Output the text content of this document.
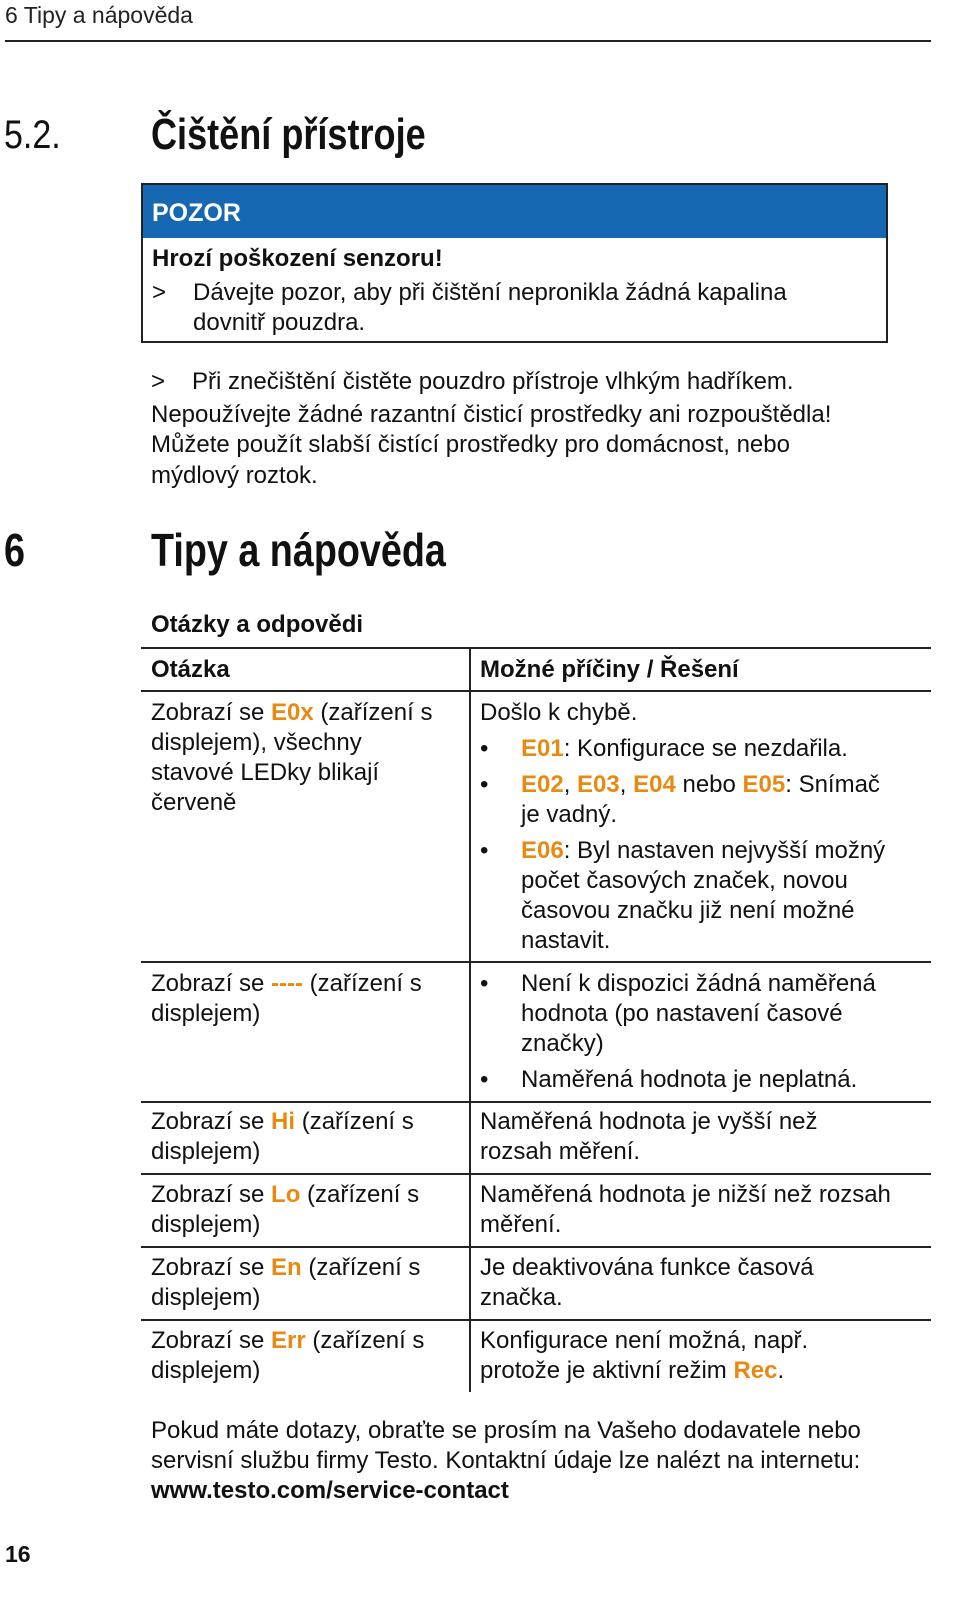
6 Tipy a nápověda
5.2. Čištění přístroje
POZOR
Hrozí poškození senzoru!
> Dávejte pozor, aby při čištění nepronikla žádná kapalina
dovnitř pouzdra.
> Při znečištění čistěte pouzdro přístroje vlhkým hadříkem.
Nepoužívejte žádné razantní čisticí prostředky ani rozpouštědla!
Můžete použít slabší čistící prostředky pro domácnost, nebo
mýdlový roztok.
6	Tipy a nápověda
Otázky a odpovědi
Otázka	Možné příčiny / Řešení
Zobrazí se E0x (zařízení s
displejem), všechny
stavové LEDky blikají
červeně
Došlo k chybě.
• E01: Konfigurace se nezdařila.
• E02, E03, E04 nebo E05: Snímač
je vadný.
• E06: Byl nastaven nejvyšší možný
počet časových značek, novou
časovou značku již není možné
nastavit.
Zobrazí se ---- (zařízení s
displejem)
• Není k dispozici žádná naměřená
hodnota (po nastavení časové
značky)
• Naměřená hodnota je neplatná.
Zobrazí se Hi (zařízení s
displejem)
Naměřená hodnota je vyšší než
rozsah měření.
Zobrazí se Lo (zařízení s
displejem)
Naměřená hodnota je nižší než rozsah
měření.
Zobrazí se En (zařízení s
displejem)
Je deaktivována funkce časová
značka.
Zobrazí se Err (zařízení s
displejem)
Konfigurace není možná, např.
protože je aktivní režim Rec.
Pokud máte dotazy, obraťte se prosím na Vašeho dodavatele nebo
servisní službu firmy Testo. Kontaktní údaje lze nalézt na internetu:
www.testo.com/service-contact
16
